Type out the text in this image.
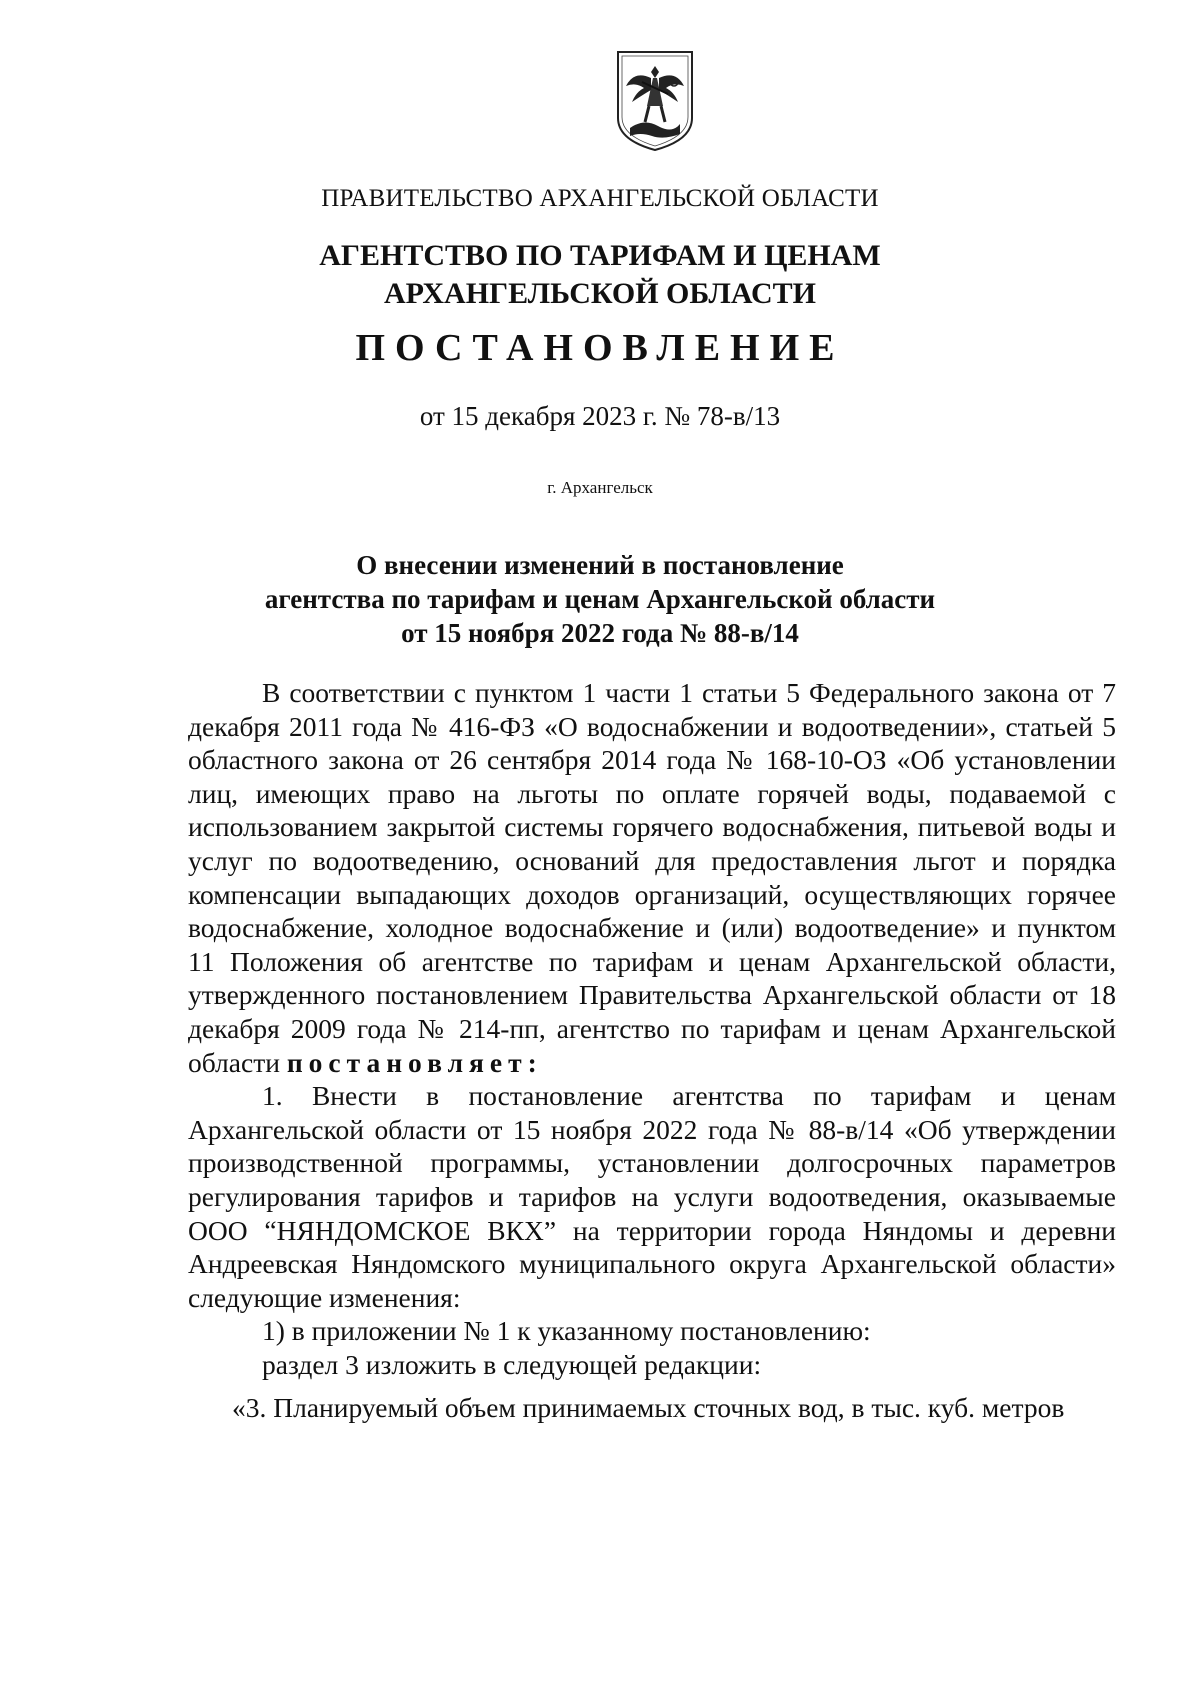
ПРАВИТЕЛЬСТВО АРХАНГЕЛЬСКОЙ ОБЛАСТИ
АГЕНТСТВО ПО ТАРИФАМ И ЦЕНАМ
АРХАНГЕЛЬСКОЙ ОБЛАСТИ
ПОСТАНОВЛЕНИЕ
от 15 декабря 2023 г. № 78-в/13
г. Архангельск
О внесении изменений в постановление
агентства по тарифам и ценам Архангельской области
от 15 ноября 2022 года № 88-в/14

В соответствии с пунктом 1 части 1 статьи 5 Федерального закона от 7 декабря 2011 года № 416-ФЗ «О водоснабжении и водоотведении», статьей 5 областного закона от 26 сентября 2014 года № 168-10-ОЗ «Об установлении лиц, имеющих право на льготы по оплате горячей воды, подаваемой с использованием закрытой системы горячего водоснабжения, питьевой воды и услуг по водоотведению, оснований для предоставления льгот и порядка компенсации выпадающих доходов организаций, осуществляющих горячее водоснабжение, холодное водоснабжение и (или) водоотведение» и пунктом 11 Положения об агентстве по тарифам и ценам Архангельской области, утвержденного постановлением Правительства Архангельской области от 18 декабря 2009 года № 214-пп, агентство по тарифам и ценам Архангельской области постановляет:

1. Внести в постановление агентства по тарифам и ценам Архангельской области от 15 ноября 2022 года № 88-в/14 «Об утверждении производственной программы, установлении долгосрочных параметров регулирования тарифов и тарифов на услуги водоотведения, оказываемые ООО “НЯНДОМСКОЕ ВКХ” на территории города Няндомы и деревни Андреевская Няндомского муниципального округа Архангельской области» следующие изменения:

1) в приложении № 1 к указанному постановлению:

раздел 3 изложить в следующей редакции:

«3. Планируемый объем принимаемых сточных вод, в тыс. куб. метров
